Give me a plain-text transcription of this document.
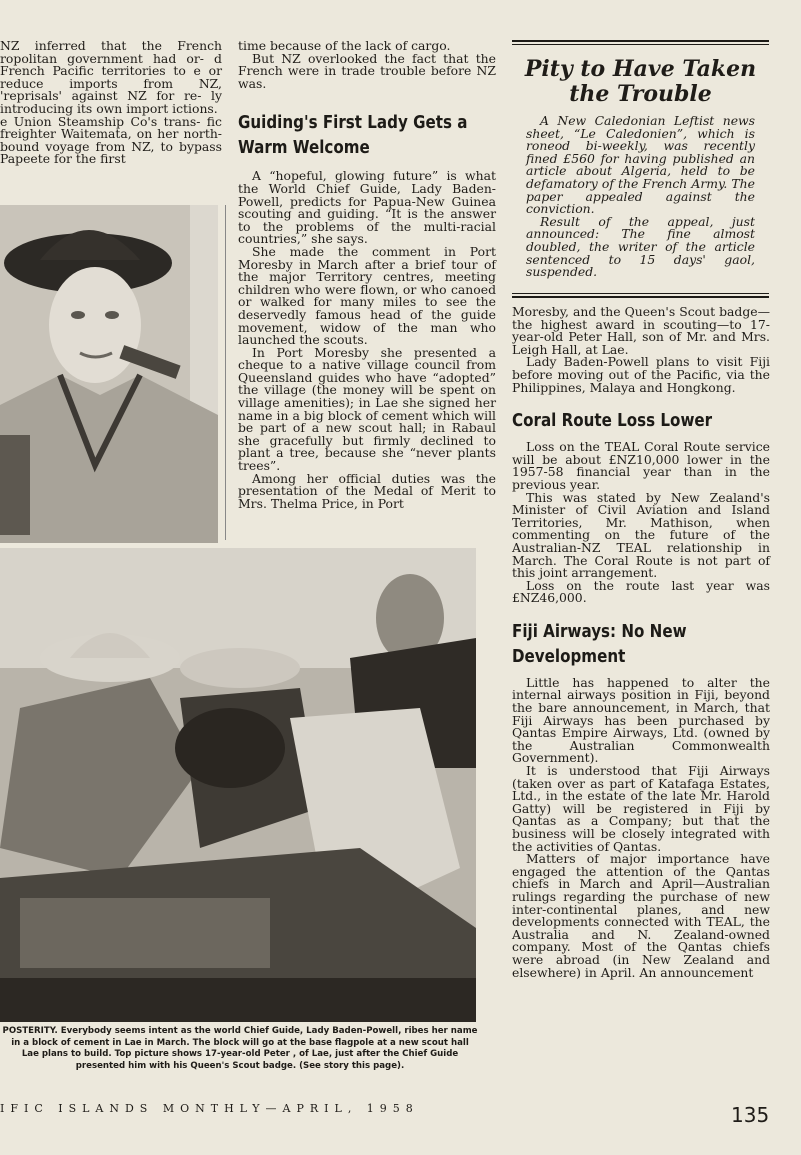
NZ inferred that the French ropolitan government had or- d French Pacific territories to e or reduce imports from NZ, 'reprisals' against NZ for re- ly introducing its own import ictions.

e Union Steamship Co's trans- fic freighter Waitemata, on her north-bound voyage from NZ, to bypass Papeete for the first

time because of the lack of cargo.

But NZ overlooked the fact that the French were in trade trouble before NZ was.

Guiding's First Lady Gets a Warm Welcome

A “hopeful, glowing future” is what the World Chief Guide, Lady Baden-Powell, predicts for Papua-New Guinea scouting and guiding. “It is the answer to the problems of the multi-racial countries,” she says.

She made the comment in Port Moresby in March after a brief tour of the major Territory centres, meeting children who were flown, or who canoed or walked for many miles to see the deservedly famous head of the guide movement, widow of the man who launched the scouts.

In Port Moresby she presented a cheque to a native village council from Queensland guides who have “adopted” the village (the money will be spent on village amenities); in Lae she signed her name in a big block of cement which will be part of a new scout hall; in Rabaul she gracefully but firmly declined to plant a tree, because she “never plants trees”.

Among her official duties was the presentation of the Medal of Merit to Mrs. Thelma Price, in Port

Pity to Have Taken the Trouble

A New Caledonian Leftist news sheet, “Le Caledonien”, which is roneod bi-weekly, was recently fined £560 for having published an article about Algeria, held to be defamatory of the French Army. The paper appealed against the conviction.

Result of the appeal, just announced: The fine almost doubled, the writer of the article sentenced to 15 days' gaol, suspended.

Moresby, and the Queen's Scout badge—the highest award in scouting—to 17-year-old Peter Hall, son of Mr. and Mrs. Leigh Hall, at Lae.

Lady Baden-Powell plans to visit Fiji before moving out of the Pacific, via the Philippines, Malaya and Hongkong.

Coral Route Loss Lower

Loss on the TEAL Coral Route service will be about £NZ10,000 lower in the 1957-58 financial year than in the previous year.

This was stated by New Zealand's Minister of Civil Aviation and Island Territories, Mr. Mathison, when commenting on the future of the Australian-NZ TEAL relationship in March. The Coral Route is not part of this joint arrangement.

Loss on the route last year was £NZ46,000.

Fiji Airways: No New Development

Little has happened to alter the internal airways position in Fiji, beyond the bare announcement, in March, that Fiji Airways has been purchased by Qantas Empire Airways, Ltd. (owned by the Australian Commonwealth Government).

It is understood that Fiji Airways (taken over as part of Katafaga Estates, Ltd., in the estate of the late Mr. Harold Gatty) will be registered in Fiji by Qantas as a Company; but that the business will be closely integrated with the activities of Qantas.

Matters of major importance have engaged the attention of the Qantas chiefs in March and April—Australian rulings regarding the purchase of new inter-continental planes, and new developments connected with TEAL, the Australia and N. Zealand-owned company. Most of the Qantas chiefs were abroad (in New Zealand and elsewhere) in April. An announcement

POSTERITY. Everybody seems intent as the world Chief Guide, Lady Baden-Powell, ribes her name in a block of cement in Lae in March. The block will go at the base flagpole at a new scout hall Lae plans to build. Top picture shows 17-year-old Peter , of Lae, just after the Chief Guide presented him with his Queen's Scout badge. (See story this page).
IFIC ISLANDS MONTHLY—APRIL, 1958	135
